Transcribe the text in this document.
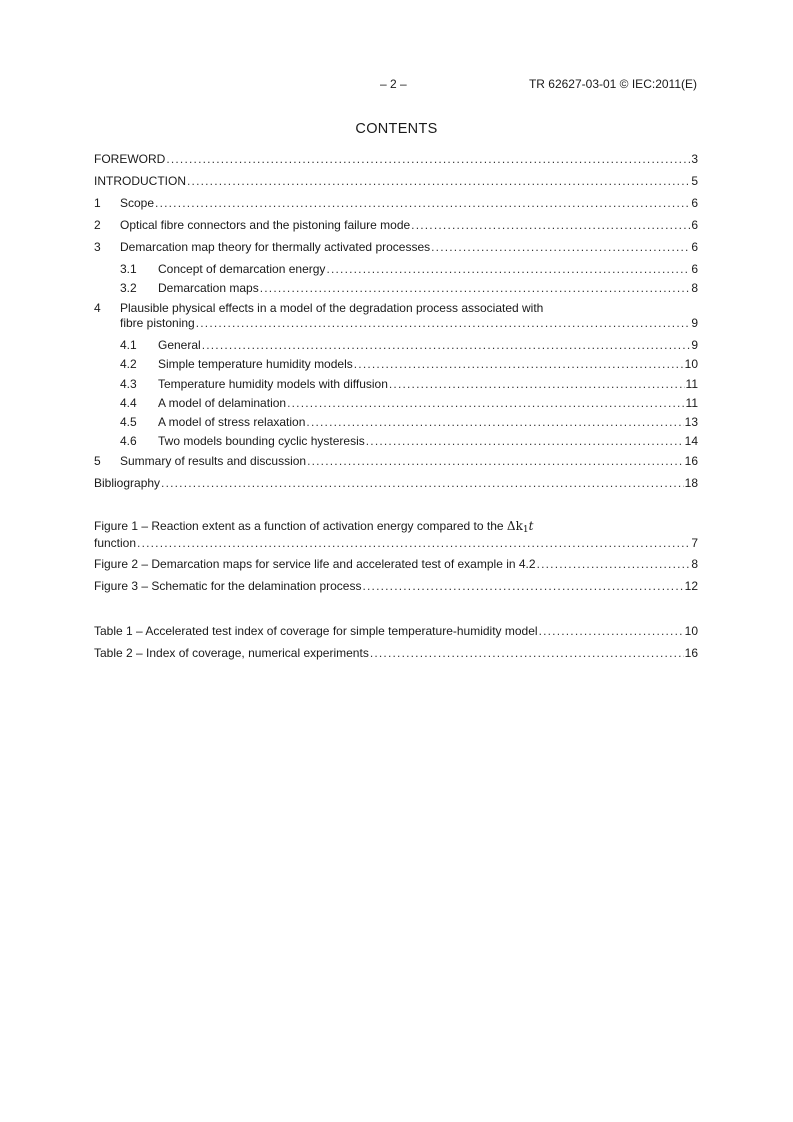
– 2 –	TR 62627-03-01 © IEC:2011(E)
CONTENTS
FOREWORD .....	3
INTRODUCTION .....	5
1	Scope .....	6
2	Optical fibre connectors and the pistoning failure mode .....	6
3	Demarcation map theory for thermally activated processes .....	6
3.1	Concept of demarcation energy .....	6
3.2	Demarcation maps .....	8
4 Plausible physical effects in a model of the degradation process associated with
fibre pistoning .....	9
4.1	General .....	9
4.2	Simple temperature humidity models .....	10
4.3	Temperature humidity models with diffusion .....	11
4.4	A model of delamination .....	11
4.5	A model of stress relaxation .....	13
4.6	Two models bounding cyclic hysteresis .....	14
5	Summary of results and discussion .....	16
Bibliography .....	18
Figure 1 – Reaction extent as a function of activation energy compared to the $\Delta k_1t$
function .....	7
Figure 2 – Demarcation maps for service life and accelerated test of example in 4.2 .....	8
Figure 3 – Schematic for the delamination process .....	12
Table 1 – Accelerated test index of coverage for simple temperature-humidity model .....	10
Table 2 – Index of coverage, numerical experiments .....	16
